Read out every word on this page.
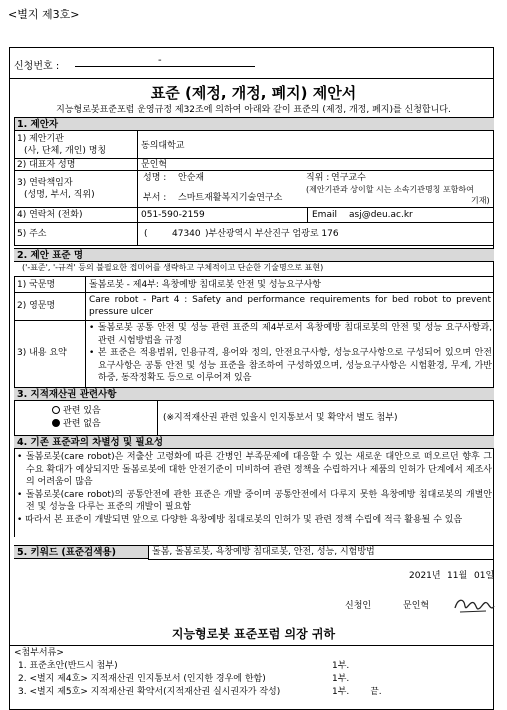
<별지 제3호>
신청번호 :
-
표준 (제정, 개정, 폐지) 제안서
지능형로봇표준포럼 운영규정 제32조에 의하여 아래와 같이 표준의 (제정, 개정, 폐지)를 신청합니다.
1. 제안자
1) 제안기관
(사, 단체, 개인) 명칭	동의대학교
2) 대표자 성명	문인혁
3) 연락책임자
(성명, 부서, 직위)
성명 : 안순재	직위 : 연구교수
부서 : 스마트재활복지기술연구소
(제안기관과 상이할 시는 소속기관명칭 포함하여
기재)
4) 연락처 (전화)	051-590-2159	Email asj@deu.ac.kr
5) 주소	(	47340 )부산광역시 부산진구 엄광로 176
2. 제안 표준 명
('-표준', '-규격' 등의 불필요한 접미어를 생략하고 구체적이고 단순한 기술명으로 표현)
1) 국문명	돌봄로봇 - 제4부: 욕창예방 침대로봇 안전 및 성능요구사항
2) 영문명
Care robot - Part 4 : Safety and performance requirements for bed robot to prevent pressure ulcer
3) 내용 요약
• 돌봄로봇 공통 안전 및 성능 관련 표준의 제4부로서 욕창예방 침대로봇의 안전 및 성능 요구사항과, 관련 시험방법을 규정
• 본 표준은 적용범위, 인용규격, 용어와 정의, 안전요구사항, 성능요구사항으로 구성되어 있으며 안전요구사항은 공통 안전 및 성능 표준을 참조하여 구성하였으며, 성능요구사항은 시험환경, 무게, 가반하중, 동작정확도 등으로 이루어져 있음
3. 지적재산권 관련사항
관련 있음
관련 없음
(※지적재산권 관련 있을시 인지통보서 및 확약서 별도 첨부)
4. 기존 표준과의 차별성 및 필요성
• 돌봄로봇(care robot)은 저출산 고령화에 따른 간병인 부족문제에 대응할 수 있는 새로운 대안으로 떠오르던 향후 그 수요 확대가 예상되지만 돌봄로봇에 대한 안전기준이 미비하여 관련 정책을 수립하거나 제품의 인허가 단계에서 제조사의 어려움이 많음
• 돌봄로봇(care robot)의 공통안전에 관한 표준은 개발 중이며 공통안전에서 다루지 못한 욕창예방 침대로봇의 개별안전 및 성능을 다루는 표준의 개발이 필요함
• 따라서 본 표준이 개발되면 앞으로 다양한 욕창예방 침대로봇의 인허가 및 관련 정책 수립에 적극 활용될 수 있음
5. 키워드 (표준검색용)	돌봄, 돌봄로봇, 욕창예방 침대로봇, 안전, 성능, 시험방법
2021년 11월 01일
신청인	문인혁
지능형로봇 표준포럼 의장 귀하
<첨부서류>
1. 표준초안(반드시 첨부)	1부.
2. <별지 제4호> 지적재산권 인지통보서 (인지한 경우에 한함)	1부.
3. <별지 제5호> 지적재산권 확약서(지적재산권 실시권자가 작성)	1부. 끝.
